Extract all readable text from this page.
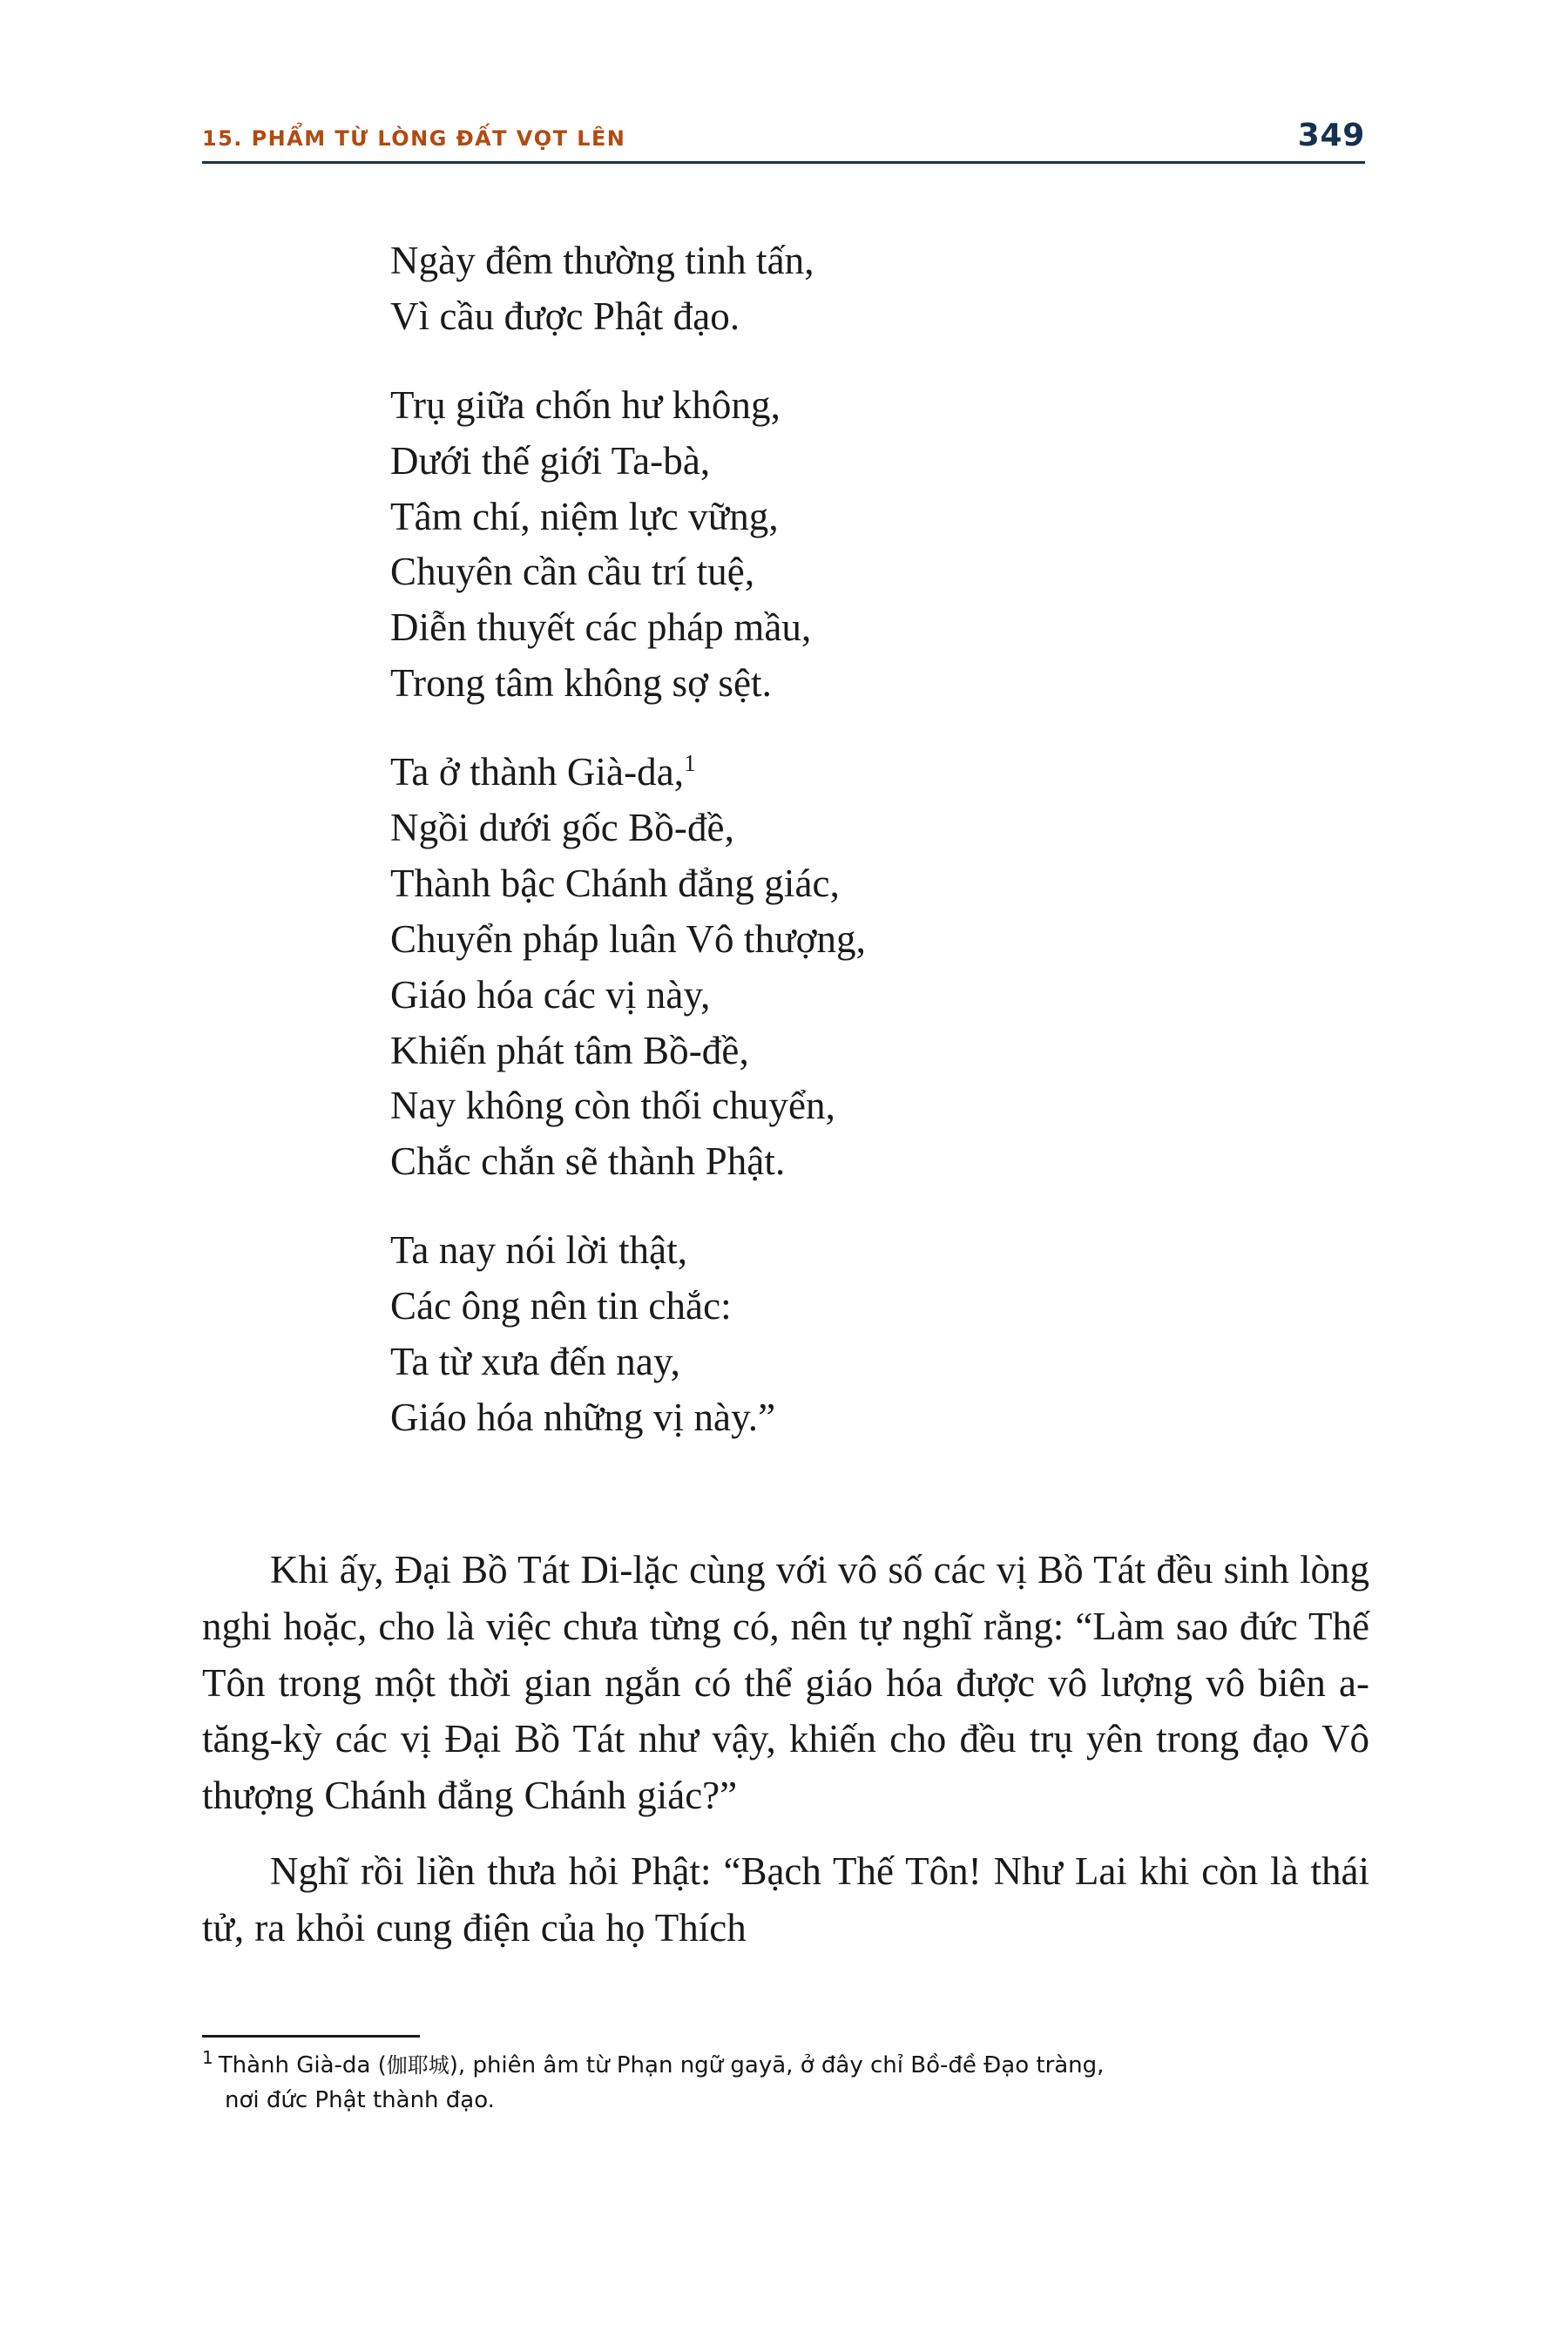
15. PHẨM TỪ LÒNG ĐẤT VỌT LÊN	349
Ngày đêm thường tinh tấn,
Vì cầu được Phật đạo.
Trụ giữa chốn hư không,
Dưới thế giới Ta-bà,
Tâm chí, niệm lực vững,
Chuyên cần cầu trí tuệ,
Diễn thuyết các pháp mầu,
Trong tâm không sợ sệt.
Ta ở thành Già-da,$^1$
Ngồi dưới gốc Bồ-đề,
Thành bậc Chánh đẳng giác,
Chuyển pháp luân Vô thượng,
Giáo hóa các vị này,
Khiến phát tâm Bồ-đề,
Nay không còn thối chuyển,
Chắc chắn sẽ thành Phật.
Ta nay nói lời thật,
Các ông nên tin chắc:
Ta từ xưa đến nay,
Giáo hóa những vị này.”

Khi ấy, Đại Bồ Tát Di-lặc cùng với vô số các vị Bồ Tát đều sinh lòng nghi hoặc, cho là việc chưa từng có, nên tự nghĩ rằng: “Làm sao đức Thế Tôn trong một thời gian ngắn có thể giáo hóa được vô lượng vô biên a-tăng-kỳ các vị Đại Bồ Tát như vậy, khiến cho đều trụ yên trong đạo Vô thượng Chánh đẳng Chánh giác?”

Nghĩ rồi liền thưa hỏi Phật: “Bạch Thế Tôn! Như Lai khi còn là thái tử, ra khỏi cung điện của họ Thích

$^1$ Thành Già-da (伽耶城), phiên âm từ Phạn ngữ gayā, ở đây chỉ Bồ-đề Đạo tràng,
nơi đức Phật thành đạo.
